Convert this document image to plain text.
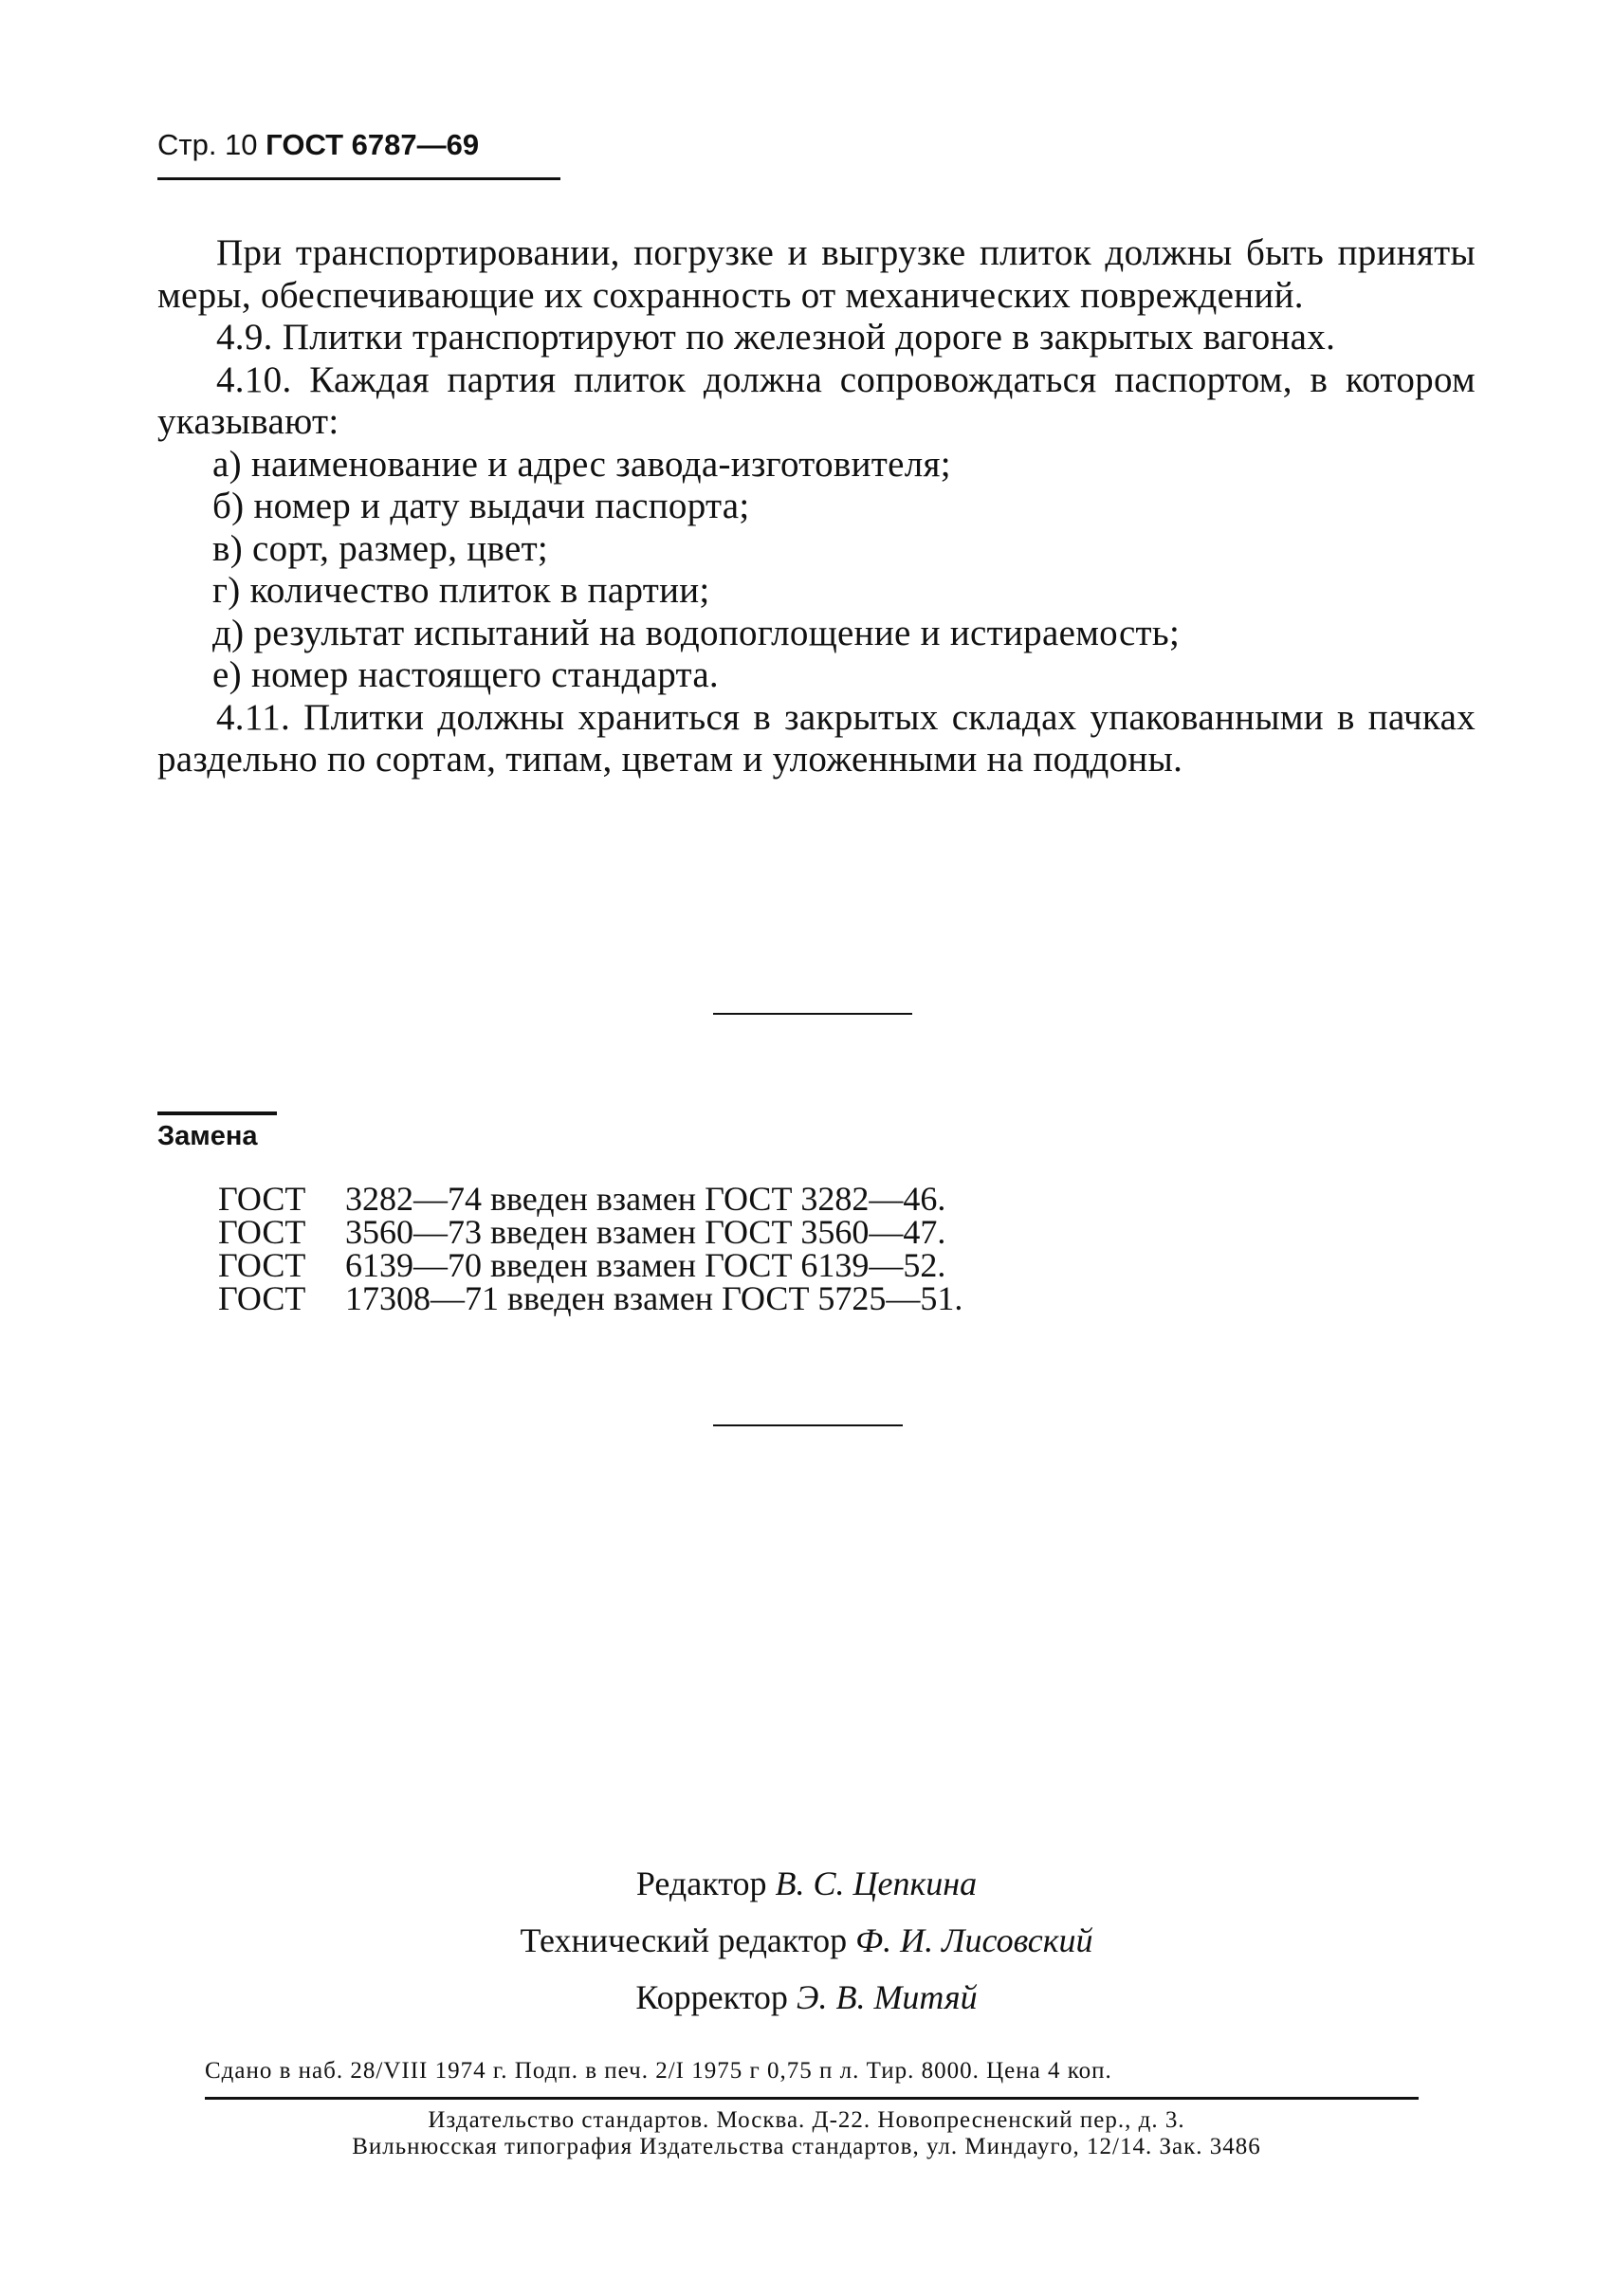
Стр. 10 ГОСТ 6787—69

При транспортировании, погрузке и выгрузке плиток должны быть приняты меры, обеспечивающие их сохранность от механических повреждений.

4.9. Плитки транспортируют по железной дороге в закрытых вагонах.

4.10. Каждая партия плиток должна сопровождаться паспортом, в котором указывают:

а) наименование и адрес завода-изготовителя;

б) номер и дату выдачи паспорта;

в) сорт, размер, цвет;

г) количество плиток в партии;

д) результат испытаний на водопоглощение и истираемость;

е) номер настоящего стандарта.

4.11. Плитки должны храниться в закрытых складах упакованными в пачках раздельно по сортам, типам, цветам и уложенными на поддоны.

Замена
ГОСТ	3282—74 введен взамен ГОСТ 3282—46.
ГОСТ	3560—73 введен взамен ГОСТ 3560—47.
ГОСТ	6139—70 введен взамен ГОСТ 6139—52.
ГОСТ	17308—71 введен взамен ГОСТ 5725—51.
Редактор В. С. Цепкина
Технический редактор Ф. И. Лисовский
Корректор Э. В. Митяй
Сдано в наб. 28/VIII 1974 г. Подп. в печ. 2/I 1975 г 0,75 п л. Тир. 8000. Цена 4 коп.
Издательство стандартов. Москва. Д-22. Новопресненский пер., д. 3.
Вильнюсская типография Издательства стандартов, ул. Миндауго, 12/14. Зак. 3486
